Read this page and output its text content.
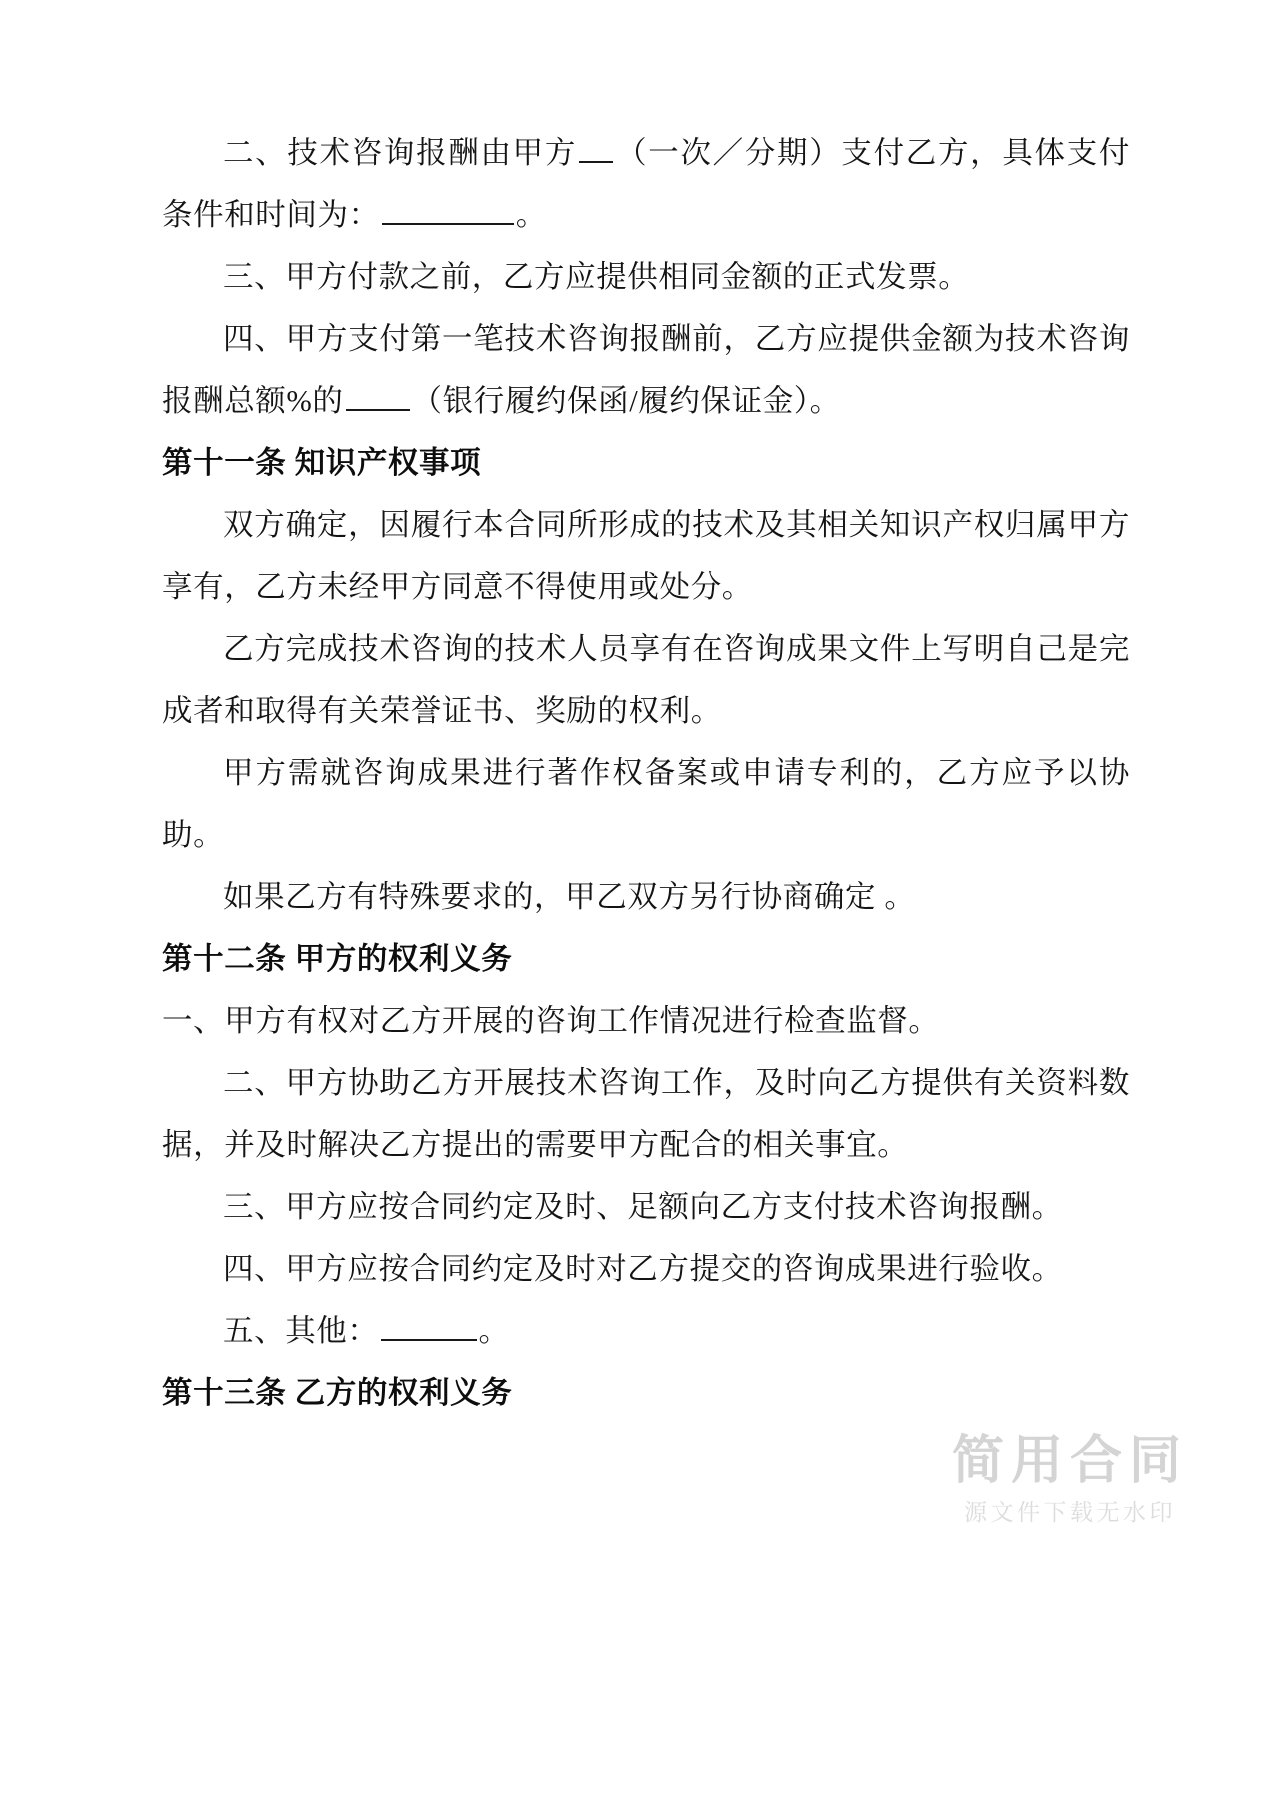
二、技术咨询报酬由甲方 （一次／分期）支付乙方，具体支付条件和时间为：	。

三、甲方付款之前，乙方应提供相同金额的正式发票。

四、甲方支付第一笔技术咨询报酬前，乙方应提供金额为技术咨询报酬总额%的 （银行履约保函/履约保证金）。

第十一条 知识产权事项

双方确定，因履行本合同所形成的技术及其相关知识产权归属甲方享有，乙方未经甲方同意不得使用或处分。

乙方完成技术咨询的技术人员享有在咨询成果文件上写明自己是完成者和取得有关荣誉证书、奖励的权利。

甲方需就咨询成果进行著作权备案或申请专利的，乙方应予以协助。

如果乙方有特殊要求的，甲乙双方另行协商确定 。

第十二条 甲方的权利义务

一、甲方有权对乙方开展的咨询工作情况进行检查监督。

二、甲方协助乙方开展技术咨询工作，及时向乙方提供有关资料数据，并及时解决乙方提出的需要甲方配合的相关事宜。

三、甲方应按合同约定及时、足额向乙方支付技术咨询报酬。

四、甲方应按合同约定及时对乙方提交的咨询成果进行验收。

五、其他：	。

第十三条 乙方的权利义务
简用合同
源文件下载无水印
